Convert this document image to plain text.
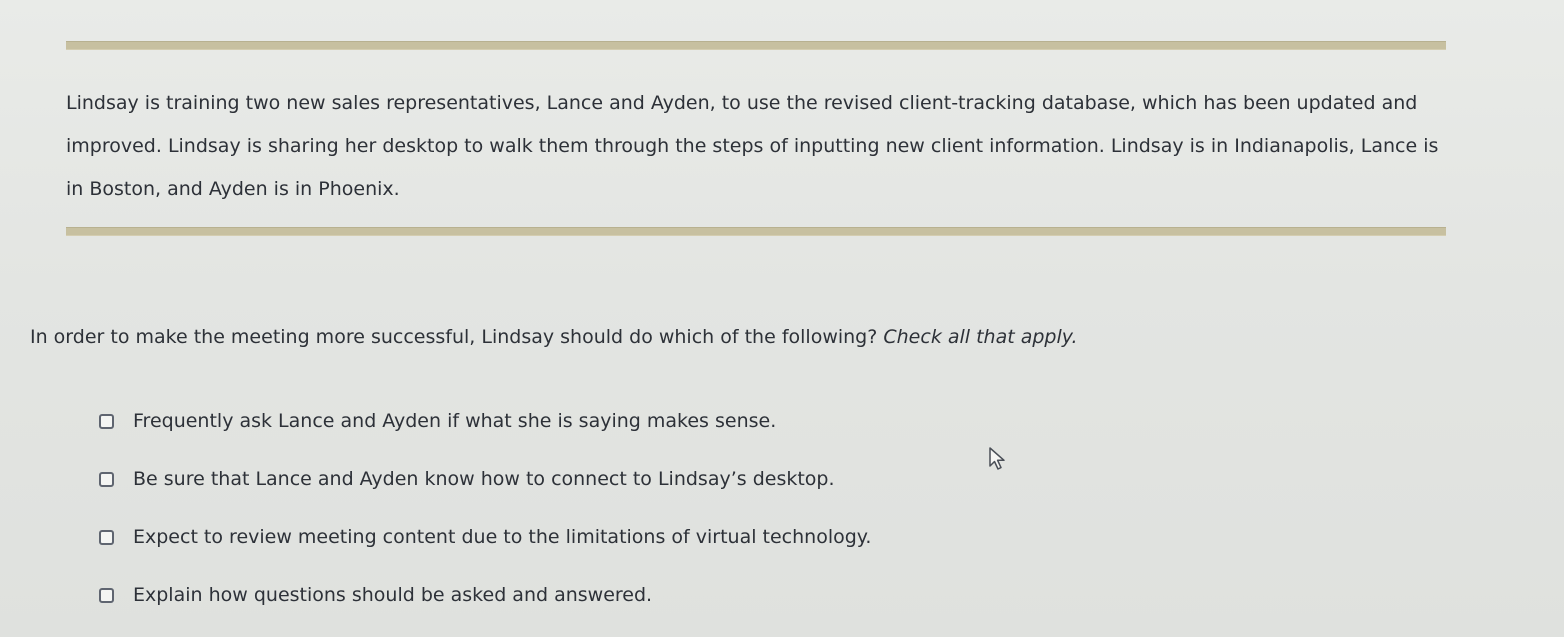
Lindsay is training two new sales representatives, Lance and Ayden, to use the revised client-tracking database, which has been updated and improved. Lindsay is sharing her desktop to walk them through the steps of inputting new client information. Lindsay is in Indianapolis, Lance is in Boston, and Ayden is in Phoenix.

In order to make the meeting more successful, Lindsay should do which of the following? Check all that apply.

Frequently ask Lance and Ayden if what she is saying makes sense.
Be sure that Lance and Ayden know how to connect to Lindsay’s desktop.
Expect to review meeting content due to the limitations of virtual technology.
Explain how questions should be asked and answered.
